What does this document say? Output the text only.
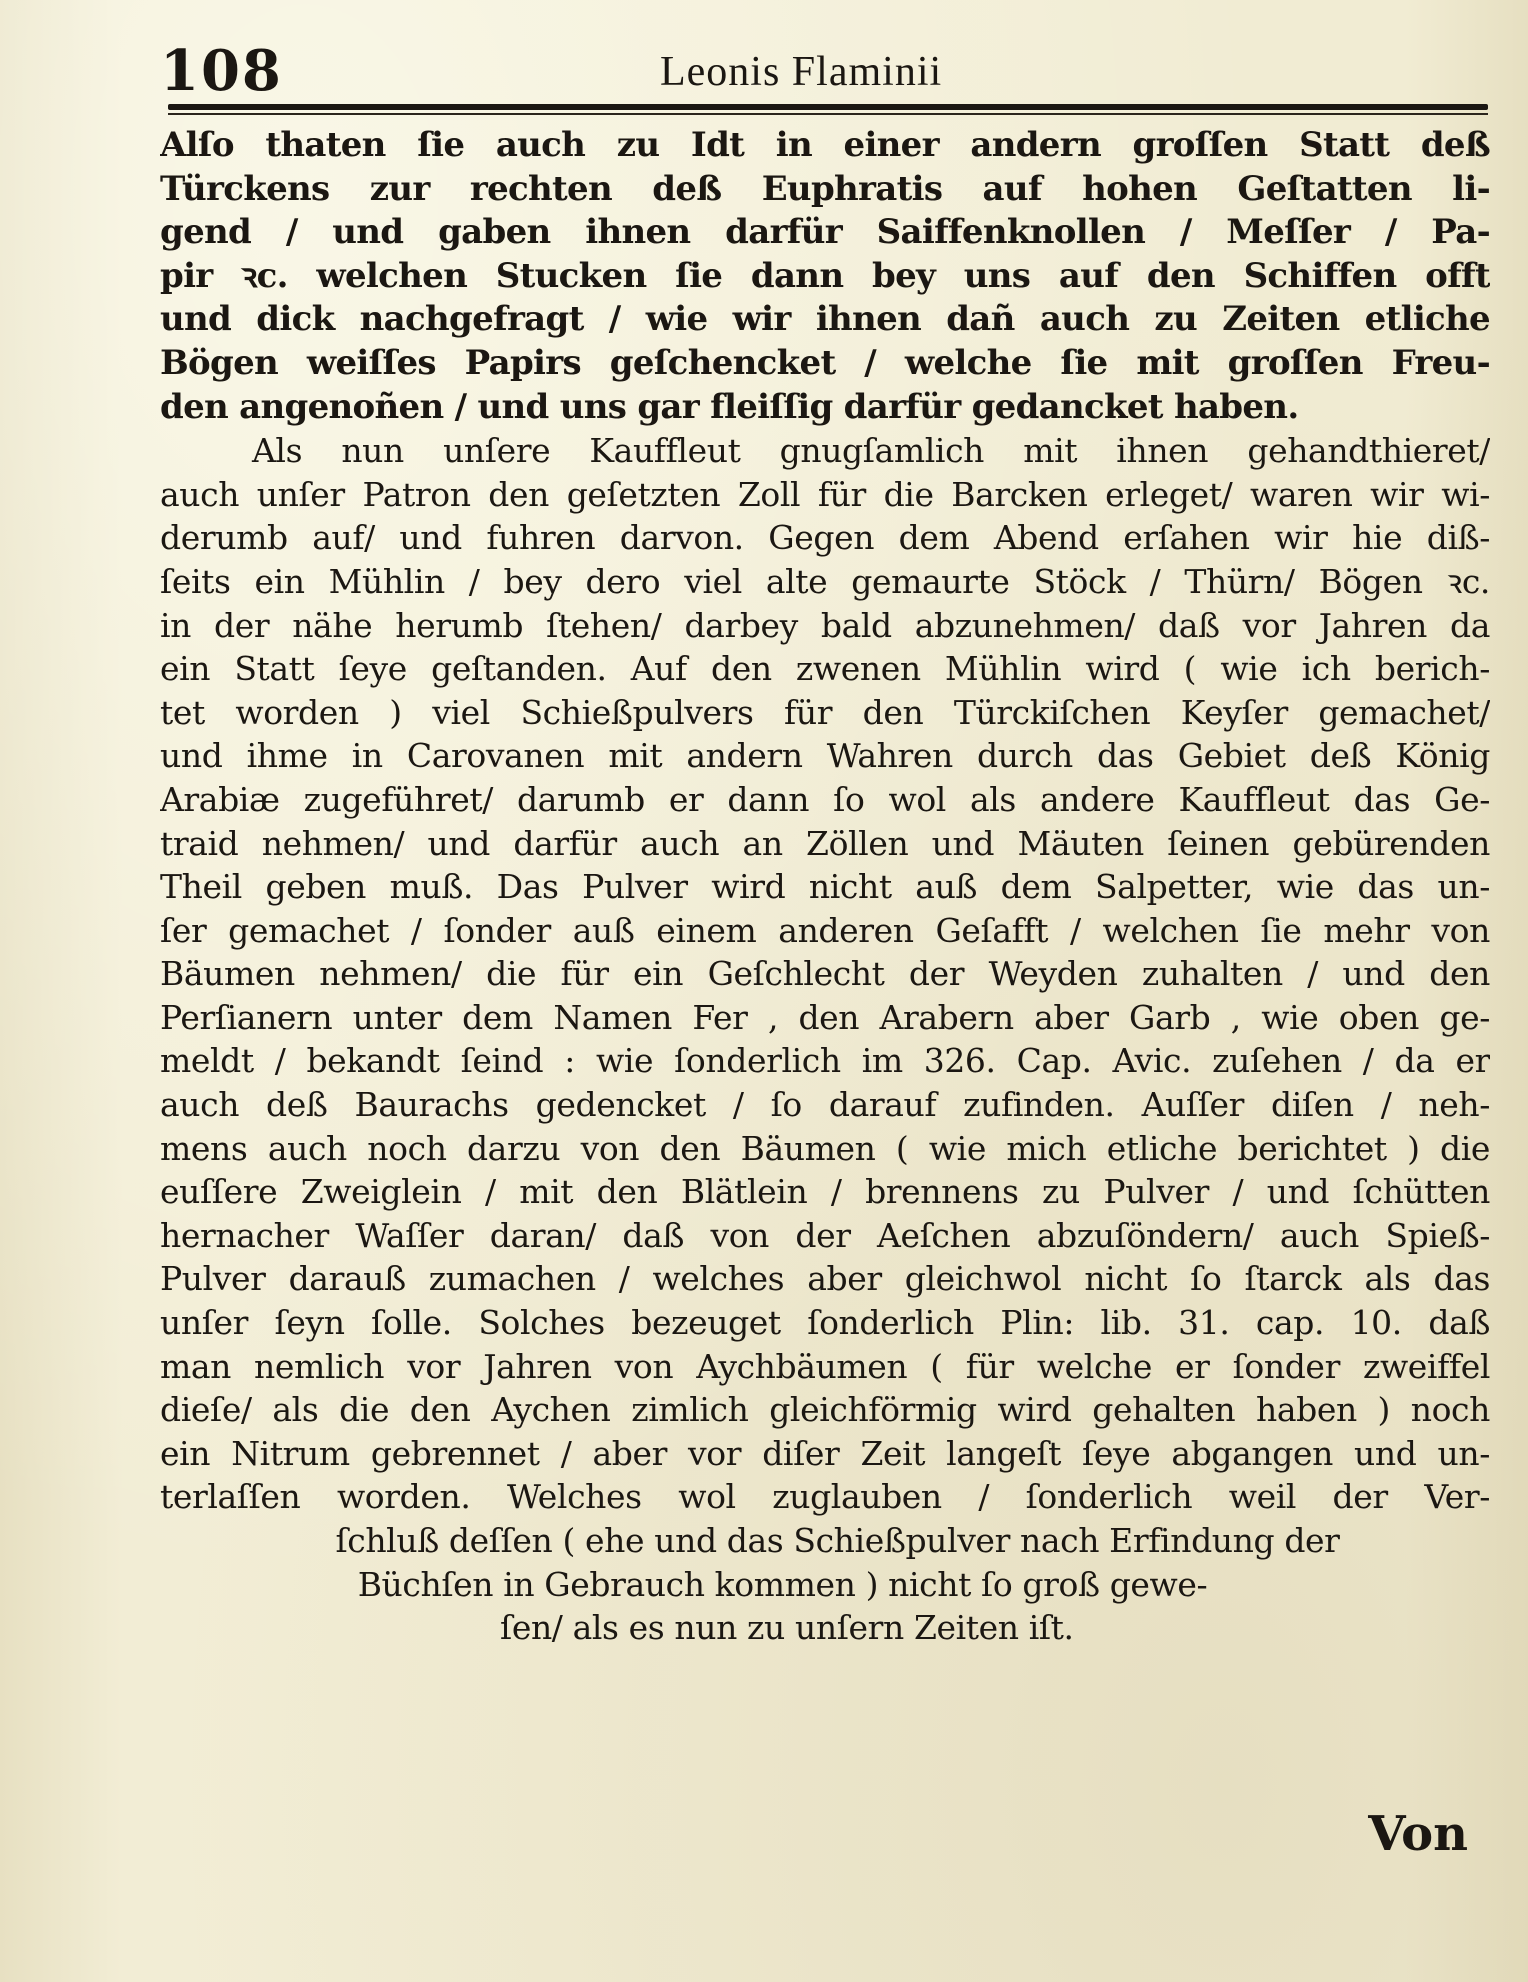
108	Leonis Flaminii
Alſo thaten ſie auch zu Idt in einer andern groſſen Statt deß
Türckens zur rechten deß Euphratis auf hohen Geſtatten li-
gend / und gaben ihnen darfür Saiffenknollen / Meſſer / Pa-
pir ꝛc. welchen Stucken ſie dann bey uns auf den Schiffen offt
und dick nachgefragt / wie wir ihnen dañ auch zu Zeiten etliche
Bögen weiſſes Papirs geſchencket / welche ſie mit groſſen Freu-
den angenoñen / und uns gar fleiſſig darfür gedancket haben.
Als nun unſere Kauffleut gnugſamlich mit ihnen gehandthieret/
auch unſer Patron den geſetzten Zoll für die Barcken erleget/ waren wir wi-
derumb auf/ und fuhren darvon. Gegen dem Abend erſahen wir hie diß-
ſeits ein Mühlin / bey dero viel alte gemaurte Stöck / Thürn/ Bögen ꝛc.
in der nähe herumb ſtehen/ darbey bald abzunehmen/ daß vor Jahren da
ein Statt ſeye geſtanden. Auf den zwenen Mühlin wird ( wie ich berich-
tet worden ) viel Schießpulvers für den Türckiſchen Keyſer gemachet/
und ihme in Carovanen mit andern Wahren durch das Gebiet deß König
Arabiæ zugeführet/ darumb er dann ſo wol als andere Kauffleut das Ge-
traid nehmen/ und darfür auch an Zöllen und Mäuten ſeinen gebürenden
Theil geben muß. Das Pulver wird nicht auß dem Salpetter, wie das un-
ſer gemachet / ſonder auß einem anderen Geſafft / welchen ſie mehr von
Bäumen nehmen/ die für ein Geſchlecht der Weyden zuhalten / und den
Perſianern unter dem Namen Fer , den Arabern aber Garb , wie oben ge-
meldt / bekandt ſeind : wie ſonderlich im 326. Cap. Avic. zuſehen / da er
auch deß Baurachs gedencket / ſo darauf zufinden. Auſſer diſen / neh-
mens auch noch darzu von den Bäumen ( wie mich etliche berichtet ) die
euſſere Zweiglein / mit den Blätlein / brennens zu Pulver / und ſchütten
hernacher Waſſer daran/ daß von der Aeſchen abzuſöndern/ auch Spieß-
Pulver darauß zumachen / welches aber gleichwol nicht ſo ſtarck als das
unſer ſeyn ſolle. Solches bezeuget ſonderlich Plin: lib. 31. cap. 10. daß
man nemlich vor Jahren von Aychbäumen ( für welche er ſonder zweiffel
dieſe/ als die den Aychen zimlich gleichförmig wird gehalten haben ) noch
ein Nitrum gebrennet / aber vor diſer Zeit langeſt ſeye abgangen und un-
terlaſſen worden. Welches wol zuglauben / ſonderlich weil der Ver-
ſchluß deſſen ( ehe und das Schießpulver nach Erfindung der
Büchſen in Gebrauch kommen ) nicht ſo groß gewe-
ſen/ als es nun zu unſern Zeiten iſt.
Von
